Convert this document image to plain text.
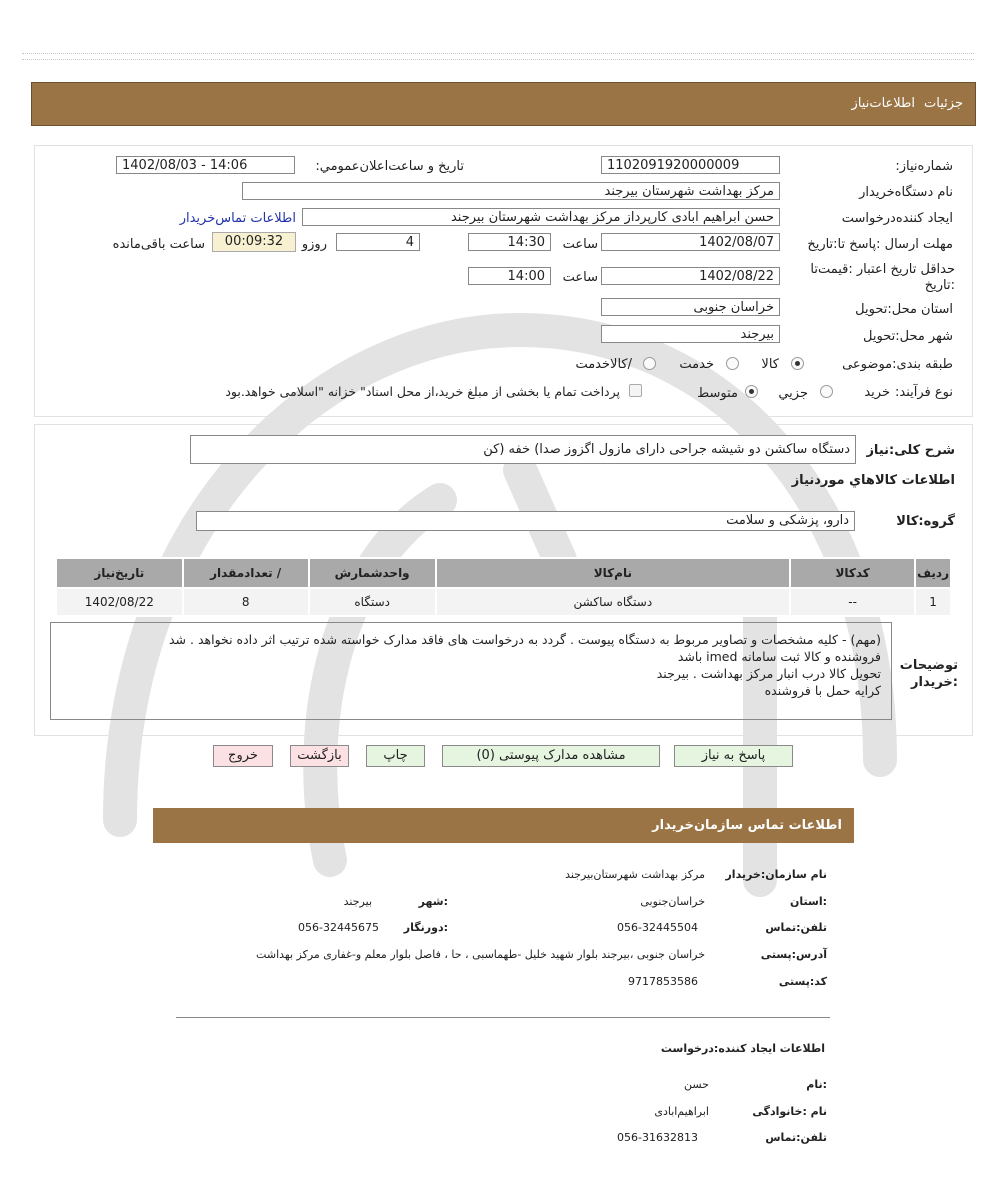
جزئیات
اطلاعات‌نیاز
شماره‌نیاز:
1102091920000009
تاریخ و ساعت‌اعلان‌عمومي:
1402/08/03 - 14:06
نام دستگاه‌خریدار
مرکز بهداشت شهرستان بیرجند
ایجاد کننده‌درخواست
حسن ابراهیم ابادی کارپرداز مرکز بهداشت شهرستان بیرجند
اطلاعات تماس‌خریدار
مهلت ارسال :پاسخ تا:تاریخ
1402/08/07
ساعت
14:30
4
روزو
00:09:32
ساعت باقی‌مانده
حداقل تاریخ اعتبار :قیمت‌تا :تاریخ
1402/08/22
ساعت
14:00
استان محل:تحویل
خراسان جنوبی
شهر محل:تحویل
بیرجند
طبقه بندی:موضوعی
کالا
خدمت
/کالاخدمت
نوع فرآیند:
خرید
جزیي
متوسط
پرداخت تمام یا بخشی از مبلغ خرید،از محل اسناد" خزانه "اسلامی خواهد.بود
شرح کلی:نیاز
دستگاه ساکشن دو شیشه جراحی دارای مازول اگزوز صدا) خفه (کن
اطلاعات کالاهاي مورد‌نیاز
گروه:کالا
دارو، پزشکی و سلامت
ردیف	کدکالا	نام‌کالا	واحد‌شمارش	/ تعداد‌مقدار	تاریخ‌نیاز
1	--	دستگاه ساکشن	دستگاه	8	1402/08/22
توضیحات :خریدار
(مهم) - کلیه مشخصات و تصاویر مربوط به دستگاه پیوست . گردد به درخواست های فاقد مدارک خواسته شده ترتیب اثر داده نخواهد . شد
فروشنده و کالا ثبت سامانه imed باشد
تحویل کالا درب انبار مرکز بهداشت . بیرجند
کرایه حمل با فروشنده
پاسخ به نیاز
مشاهده مدارک پیوستی (0)
چاپ
بازگشت
خروج
اطلاعات تماس سازمان‌خریدار
نام سازمان:خریدار
مرکز بهداشت شهرستان‌بیرجند
:استان
خراسان‌جنوبی
:شهر
بیرجند
تلفن:تماس
056-32445504
:دورنگار
056-32445675
آدرس:پستی
خراسان جنوبی ،بیرجند بلوار شهید خلیل -طهماسبی ، حا ، فاصل بلوار معلم و-غفاری مرکز بهداشت
کد:پستی
9717853586
اطلاعات ایجاد کننده:درخواست
:نام
حسن
نام :خانوادگی
ابراهیم‌ابادی
تلفن:تماس
056-31632813
